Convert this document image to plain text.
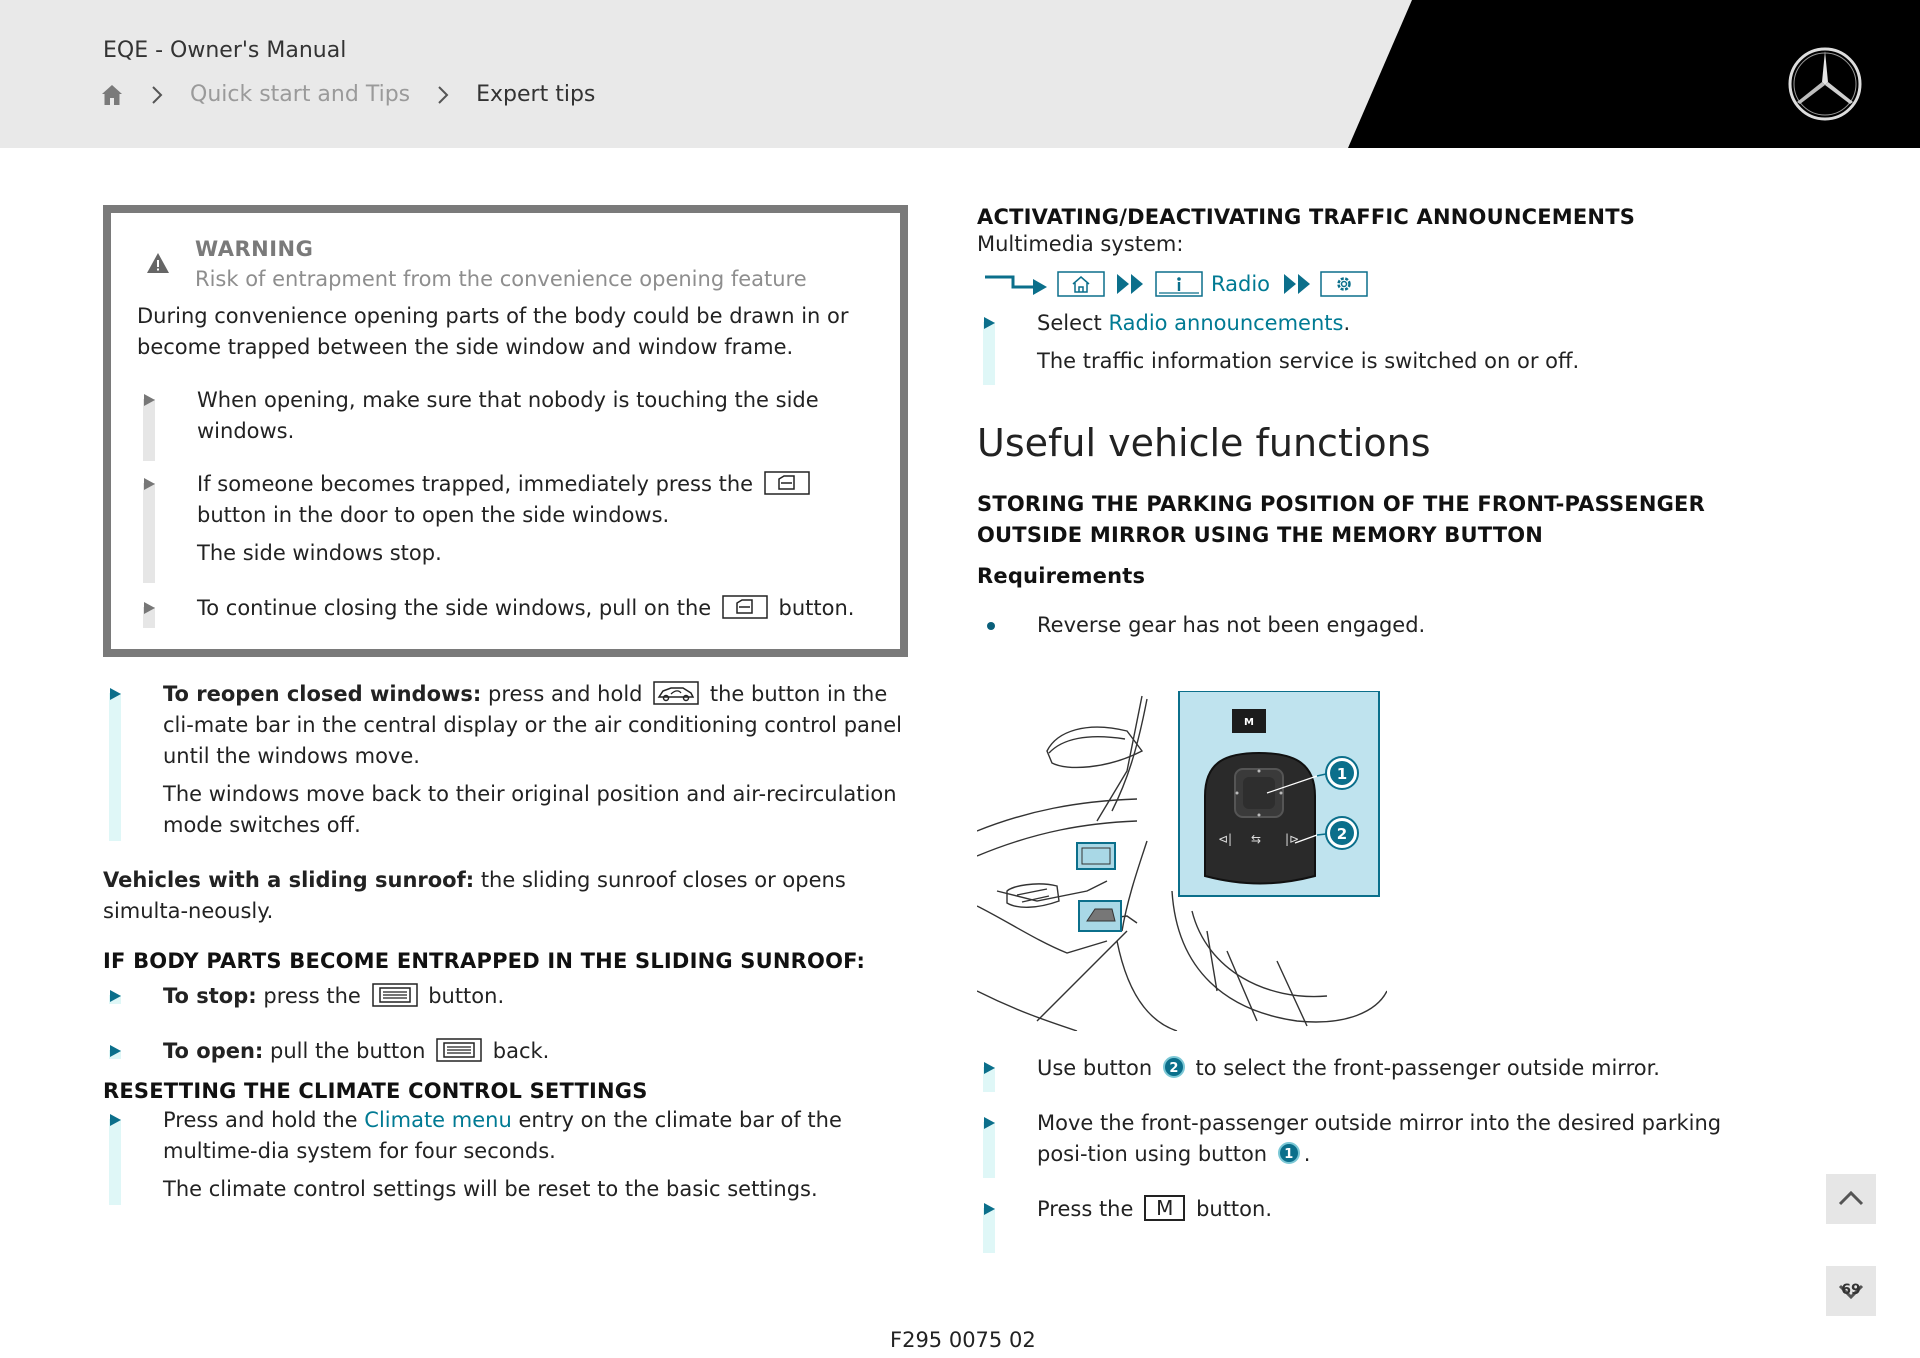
EQE - Owner's Manual
Quick start and Tips	Expert tips
WARNING
Risk of entrapment from the convenience opening feature
During convenience opening parts of the body could be drawn in or become trapped between the side window and window frame.

When opening, make sure that nobody is touching the side windows.

If someone becomes trapped, immediately press the  button in the door to open the side windows.

The side windows stop.

To continue closing the side windows, pull on the	button.

To reopen closed windows: press and hold	the button in the cli-mate bar in the central display or the air conditioning control panel until the windows move.

The windows move back to their original position and air-recirculation mode switches off.

Vehicles with a sliding sunroof: the sliding sunroof closes or opens simulta-neously.

IF BODY PARTS BECOME ENTRAPPED IN THE SLIDING SUNROOF:

To stop: press the	button.

To open: pull the button	back.

RESETTING THE CLIMATE CONTROL SETTINGS

Press and hold the Climate menu entry on the climate bar of the multime-dia system for four seconds.

The climate control settings will be reset to the basic settings.

ACTIVATING/DEACTIVATING TRAFFIC ANNOUNCEMENTS

Multimedia system:

Radio

Select Radio announcements.

The traffic information service is switched on or off.

Useful vehicle functions
STORING THE PARKING POSITION OF THE FRONT-PASSENGER OUTSIDE MIRROR USING THE MEMORY BUTTON
Requirements

Reverse gear has not been engaged.

M
⊲| ⇆ |⊳
1
2

Use button 2 to select the front-passenger outside mirror.

Move the front-passenger outside mirror into the desired parking posi-tion using button 1 .

Press the M button.

F295 0075 02
69
